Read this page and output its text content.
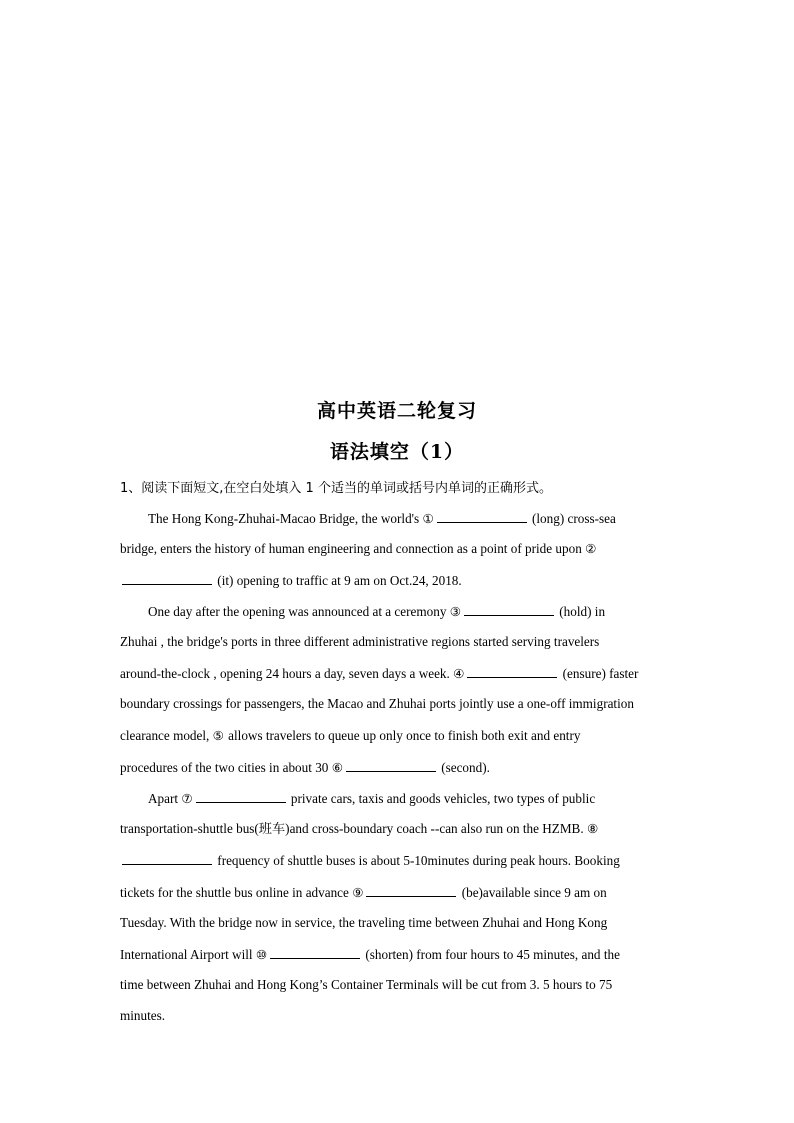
高中英语二轮复习
语法填空（1）
1、阅读下面短文,在空白处填入 1 个适当的单词或括号内单词的正确形式。
The Hong Kong-Zhuhai-Macao Bridge, the world's ①	(long) cross-sea
bridge, enters the history of human engineering and connection as a point of pride upon ②
(it) opening to traffic at 9 am on Oct.24, 2018.
One day after the opening was announced at a ceremony ③	(hold) in
Zhuhai , the bridge's ports in three different administrative regions started serving travelers
around-the-clock , opening 24 hours a day, seven days a week. ④	(ensure) faster
boundary crossings for passengers, the Macao and Zhuhai ports jointly use a one-off immigration
clearance model, ⑤ allows travelers to queue up only once to finish both exit and entry
procedures of the two cities in about 30 ⑥	(second).
Apart ⑦	private cars, taxis and goods vehicles, two types of public
transportation-shuttle bus(班车)and cross-boundary coach --can also run on the HZMB. ⑧
frequency of shuttle buses is about 5-10minutes during peak hours. Booking
tickets for the shuttle bus online in advance ⑨	(be)available since 9 am on
Tuesday. With the bridge now in service, the traveling time between Zhuhai and Hong Kong
International Airport will ⑩	(shorten) from four hours to 45 minutes, and the
time between Zhuhai and Hong Kong’s Container Terminals will be cut from 3. 5 hours to 75
minutes.
